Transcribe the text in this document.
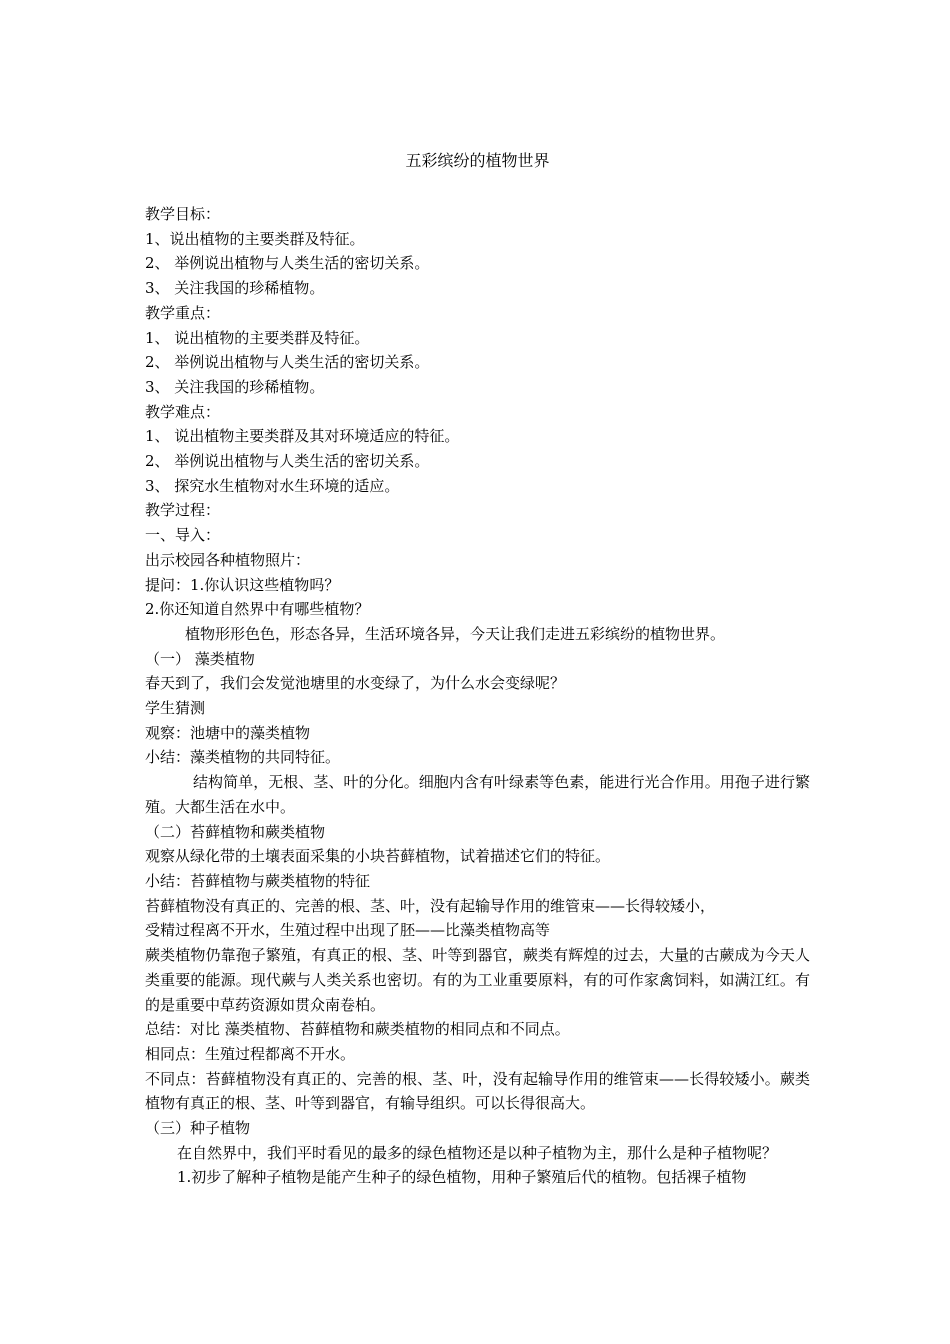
五彩缤纷的植物世界
教学目标：
1、说出植物的主要类群及特征。
2、 举例说出植物与人类生活的密切关系。
3、 关注我国的珍稀植物。
教学重点：
1、 说出植物的主要类群及特征。
2、 举例说出植物与人类生活的密切关系。
3、 关注我国的珍稀植物。
教学难点：
1、 说出植物主要类群及其对环境适应的特征。
2、 举例说出植物与人类生活的密切关系。
3、 探究水生植物对水生环境的适应。
教学过程：
一、导入：
出示校园各种植物照片：
提问：1.你认识这些植物吗？
2.你还知道自然界中有哪些植物？
植物形形色色，形态各异，生活环境各异，今天让我们走进五彩缤纷的植物世界。
（一） 藻类植物
春天到了，我们会发觉池塘里的水变绿了，为什么水会变绿呢？
学生猜测
观察：池塘中的藻类植物
小结：藻类植物的共同特征。
结构简单，无根、茎、叶的分化。细胞内含有叶绿素等色素，能进行光合作用。用孢子进行繁殖。大都生活在水中。
（二）苔藓植物和蕨类植物
观察从绿化带的土壤表面采集的小块苔藓植物，试着描述它们的特征。
小结：苔藓植物与蕨类植物的特征
苔藓植物没有真正的、完善的根、茎、叶，没有起输导作用的维管束——长得较矮小，
受精过程离不开水，生殖过程中出现了胚——比藻类植物高等
蕨类植物仍靠孢子繁殖，有真正的根、茎、叶等到器官，蕨类有辉煌的过去，大量的古蕨成为今天人类重要的能源。现代蕨与人类关系也密切。有的为工业重要原料，有的可作家禽饲料，如满江红。有的是重要中草药资源如贯众南卷柏。
总结：对比 藻类植物、苔藓植物和蕨类植物的相同点和不同点。
相同点：生殖过程都离不开水。
不同点：苔藓植物没有真正的、完善的根、茎、叶，没有起输导作用的维管束——长得较矮小。蕨类植物有真正的根、茎、叶等到器官，有输导组织。可以长得很高大。
（三）种子植物
在自然界中，我们平时看见的最多的绿色植物还是以种子植物为主，那什么是种子植物呢？
1.初步了解种子植物是能产生种子的绿色植物，用种子繁殖后代的植物。包括裸子植物
